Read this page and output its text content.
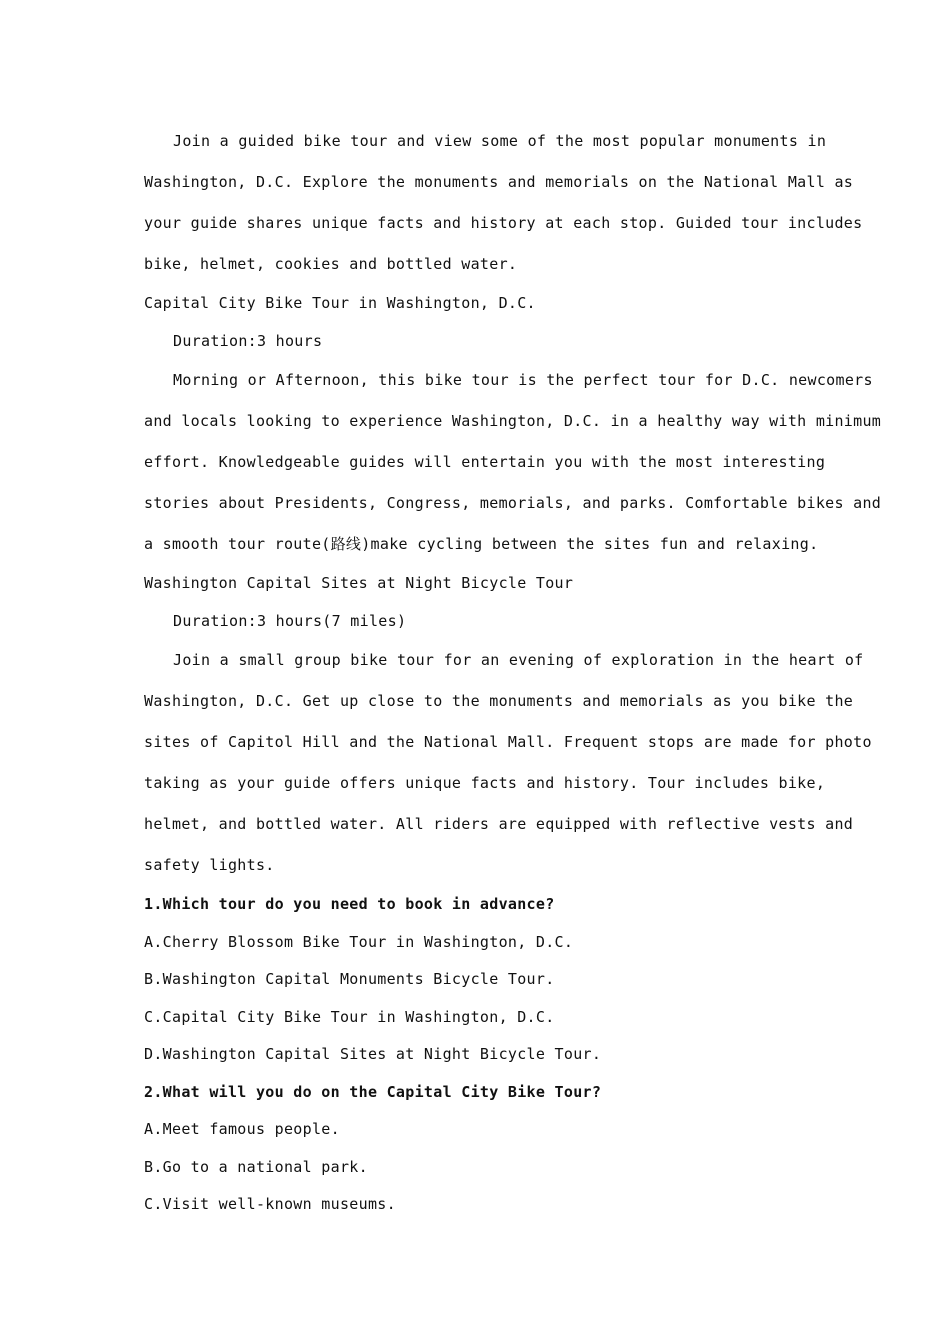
Join a guided bike tour and view some of the most popular monuments in
Washington, D.C. Explore the monuments and memorials on the National Mall as
your guide shares unique facts and history at each stop. Guided tour includes
bike, helmet, cookies and bottled water.
Capital City Bike Tour in Washington, D.C.
Duration:3 hours
Morning or Afternoon, this bike tour is the perfect tour for D.C. newcomers
and locals looking to experience Washington, D.C. in a healthy way with minimum
effort. Knowledgeable guides will entertain you with the most interesting
stories about Presidents, Congress, memorials, and parks. Comfortable bikes and
a smooth tour route(路线)make cycling between the sites fun and relaxing.
Washington Capital Sites at Night Bicycle Tour
Duration:3 hours(7 miles)
Join a small group bike tour for an evening of exploration in the heart of
Washington, D.C. Get up close to the monuments and memorials as you bike the
sites of Capitol Hill and the National Mall. Frequent stops are made for photo
taking as your guide offers unique facts and history. Tour includes bike,
helmet, and bottled water. All riders are equipped with reflective vests and
safety lights.
1.Which tour do you need to book in advance?
A.Cherry Blossom Bike Tour in Washington, D.C.
B.Washington Capital Monuments Bicycle Tour.
C.Capital City Bike Tour in Washington, D.C.
D.Washington Capital Sites at Night Bicycle Tour.
2.What will you do on the Capital City Bike Tour?
A.Meet famous people.
B.Go to a national park.
C.Visit well-known museums.
